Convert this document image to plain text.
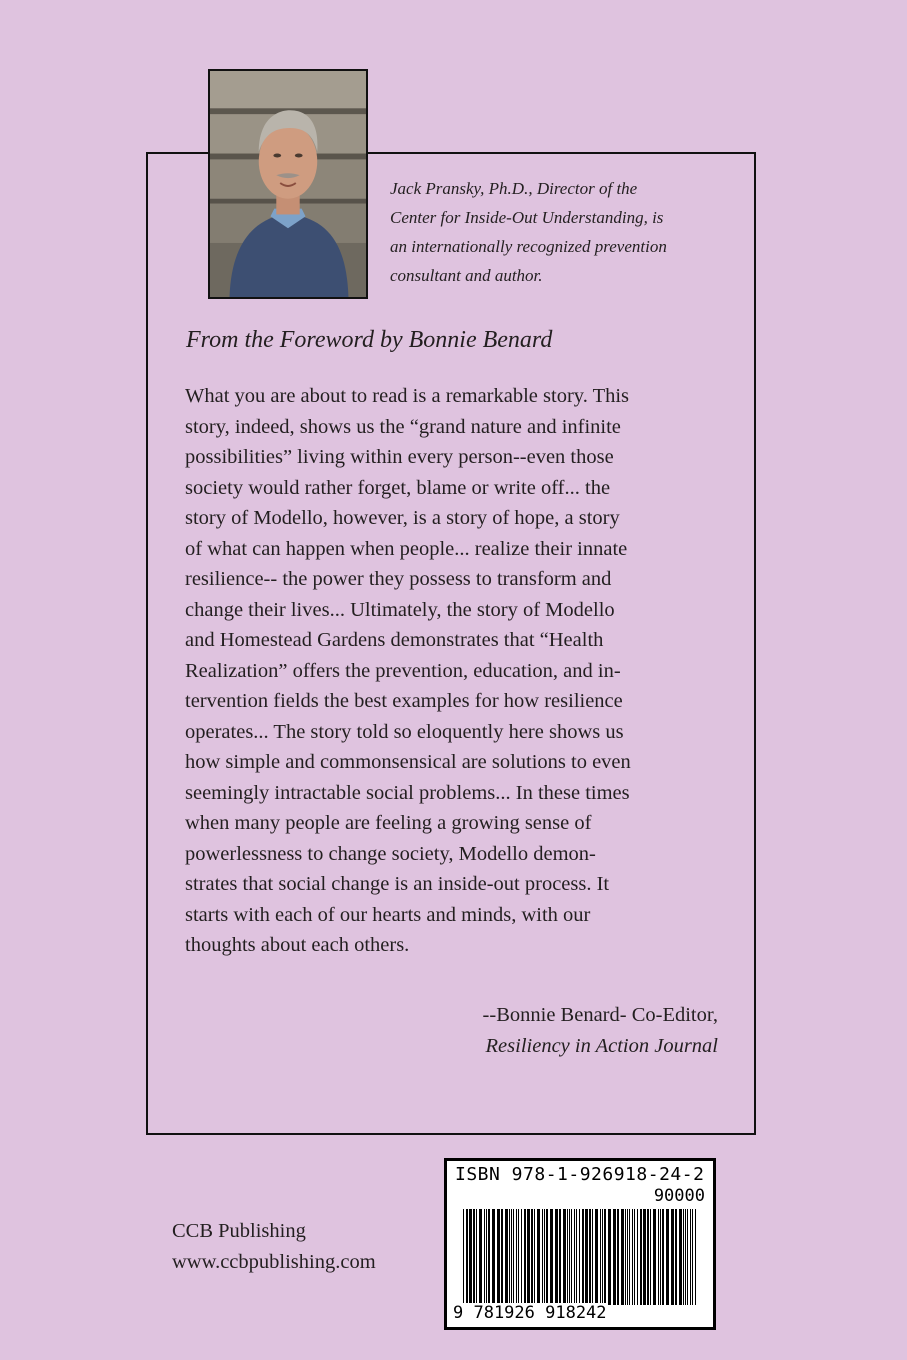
Jack Pransky, Ph.D., Director of the
Center for Inside-Out Understanding, is
an internationally recognized prevention
consultant and author.
From the Foreword by Bonnie Benard
What you are about to read is a remarkable story. This
story, indeed, shows us the “grand nature and infinite
possibilities” living within every person--even those
society would rather forget, blame or write off... the
story of Modello, however, is a story of hope, a story
of what can happen when people... realize their innate
resilience-- the power they possess to transform and
change their lives... Ultimately, the story of Modello
and Homestead Gardens demonstrates that “Health
Realization” offers the prevention, education, and in-
tervention fields the best examples for how resilience
operates... The story told so eloquently here shows us
how simple and commonsensical are solutions to even
seemingly intractable social problems... In these times
when many people are feeling a growing sense of
powerlessness to change society, Modello demon-
strates that social change is an inside-out process. It
starts with each of our hearts and minds, with our
thoughts about each others.
--Bonnie Benard- Co-Editor,
Resiliency in Action Journal
CCB Publishing
www.ccbpublishing.com
ISBN 978-1-926918-24-2
90000
9 781926 918242
